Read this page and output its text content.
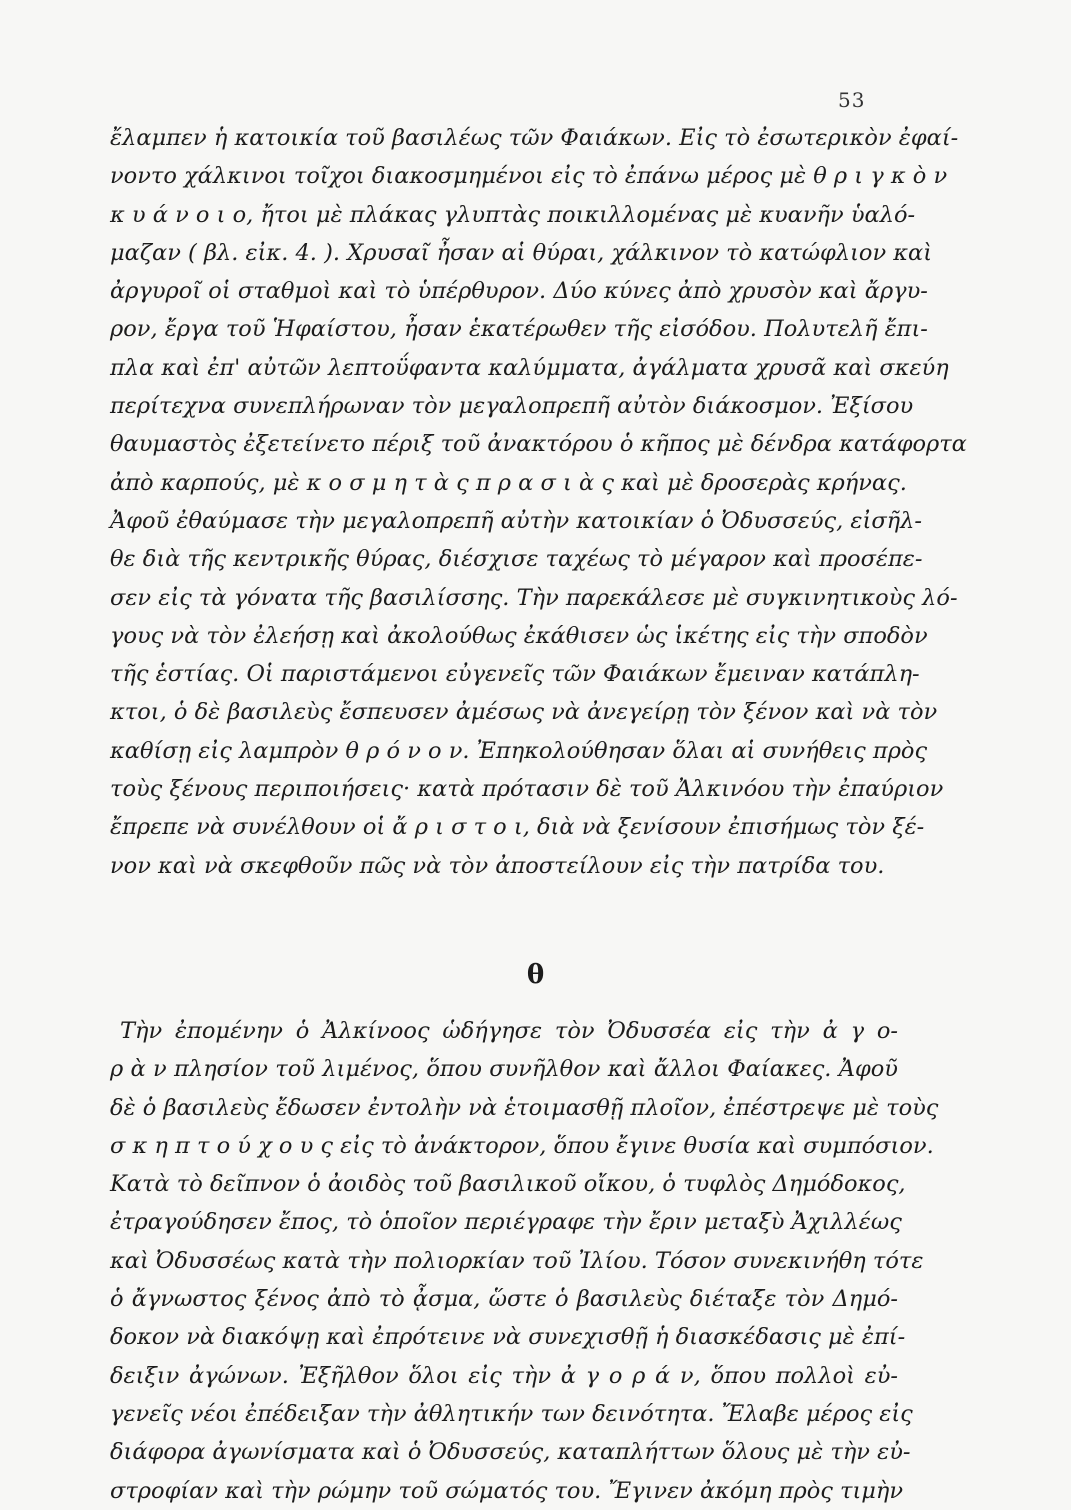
53
ἔλαμπεν ἡ κατοικία τοῦ βασιλέως τῶν Φαιάκων. Εἰς τὸ ἐσωτερικὸν ἐφαί-
νοντο χάλκινοι τοῖχοι διακοσμημένοι εἰς τὸ ἐπάνω μέρος μὲ θ ρ ι γ κ ὸ ν
κ υ ά ν ο ι ο, ἤτοι μὲ πλάκας γλυπτὰς ποικιλλομένας μὲ κυανῆν ὑαλό-
μαζαν ( βλ. εἰκ. 4. ). Χρυσαῖ ἦσαν αἱ θύραι, χάλκινον τὸ κατώφλιον καὶ
ἀργυροῖ οἱ σταθμοὶ καὶ τὸ ὑπέρθυρον. Δύο κύνες ἀπὸ χρυσὸν καὶ ἄργυ-
ρον, ἔργα τοῦ Ἡφαίστου, ἦσαν ἑκατέρωθεν τῆς εἰσόδου. Πολυτελῆ ἔπι-
πλα καὶ ἐπ' αὐτῶν λεπτοΰφαντα καλύμματα, ἀγάλματα χρυσᾶ καὶ σκεύη
περίτεχνα συνεπλήρωναν τὸν μεγαλοπρεπῆ αὐτὸν διάκοσμον. Ἐξίσου
θαυμαστὸς ἐξετείνετο πέριξ τοῦ ἀνακτόρου ὁ κῆπος μὲ δένδρα κατάφορτα
ἀπὸ καρπούς, μὲ κ ο σ μ η τ ὰ ς π ρ α σ ι ὰ ς καὶ μὲ δροσερὰς κρήνας.
Ἀφοῦ ἐθαύμασε τὴν μεγαλοπρεπῆ αὐτὴν κατοικίαν ὁ Ὀδυσσεύς, εἰσῆλ-
θε διὰ τῆς κεντρικῆς θύρας, διέσχισε ταχέως τὸ μέγαρον καὶ προσέπε-
σεν εἰς τὰ γόνατα τῆς βασιλίσσης. Τὴν παρεκάλεσε μὲ συγκινητικοὺς λό-
γους νὰ τὸν ἐλεήσῃ καὶ ἀκολούθως ἐκάθισεν ὡς ἱκέτης εἰς τὴν σποδὸν
τῆς ἑστίας. Οἱ παριστάμενοι εὐγενεῖς τῶν Φαιάκων ἔμειναν κατάπλη-
κτοι, ὁ δὲ βασιλεὺς ἔσπευσεν ἀμέσως νὰ ἀνεγείρῃ τὸν ξένον καὶ νὰ τὸν
καθίσῃ εἰς λαμπρὸν θ ρ ό ν ο ν. Ἐπηκολούθησαν ὅλαι αἱ συνήθεις πρὸς
τοὺς ξένους περιποιήσεις· κατὰ πρότασιν δὲ τοῦ Ἀλκινόου τὴν ἐπαύριον
ἔπρεπε νὰ συνέλθουν οἱ ἄ ρ ι σ τ ο ι, διὰ νὰ ξενίσουν ἐπισήμως τὸν ξέ-
νον καὶ νὰ σκεφθοῦν πῶς νὰ τὸν ἀποστείλουν εἰς τὴν πατρίδα του.
θ
Τὴν ἐπομένην ὁ Ἀλκίνοος ὡδήγησε τὸν Ὀδυσσέα εἰς τὴν ἀ γ ο-
ρ ὰ ν πλησίον τοῦ λιμένος, ὅπου συνῆλθον καὶ ἄλλοι Φαίακες. Ἀφοῦ
δὲ ὁ βασιλεὺς ἔδωσεν ἐντολὴν νὰ ἑτοιμασθῇ πλοῖον, ἐπέστρεψε μὲ τοὺς
σ κ η π τ ο ύ χ ο υ ς εἰς τὸ ἀνάκτορον, ὅπου ἔγινε θυσία καὶ συμπόσιον.
Κατὰ τὸ δεῖπνον ὁ ἀοιδὸς τοῦ βασιλικοῦ οἴκου, ὁ τυφλὸς Δημόδοκος,
ἐτραγούδησεν ἔπος, τὸ ὁποῖον περιέγραφε τὴν ἔριν μεταξὺ Ἀχιλλέως
καὶ Ὀδυσσέως κατὰ τὴν πολιορκίαν τοῦ Ἰλίου. Τόσον συνεκινήθη τότε
ὁ ἄγνωστος ξένος ἀπὸ τὸ ᾆσμα, ὥστε ὁ βασιλεὺς διέταξε τὸν Δημό-
δοκον νὰ διακόψῃ καὶ ἐπρότεινε νὰ συνεχισθῇ ἡ διασκέδασις μὲ ἐπί-
δειξιν ἀγώνων. Ἐξῆλθον ὅλοι εἰς τὴν ἀ γ ο ρ ά ν, ὅπου πολλοὶ εὐ-
γενεῖς νέοι ἐπέδειξαν τὴν ἀθλητικήν των δεινότητα. Ἔλαβε μέρος εἰς
διάφορα ἀγωνίσματα καὶ ὁ Ὀδυσσεύς, καταπλήττων ὅλους μὲ τὴν εὐ-
στροφίαν καὶ τὴν ρώμην τοῦ σώματός του. Ἔγινεν ἀκόμη πρὸς τιμὴν
